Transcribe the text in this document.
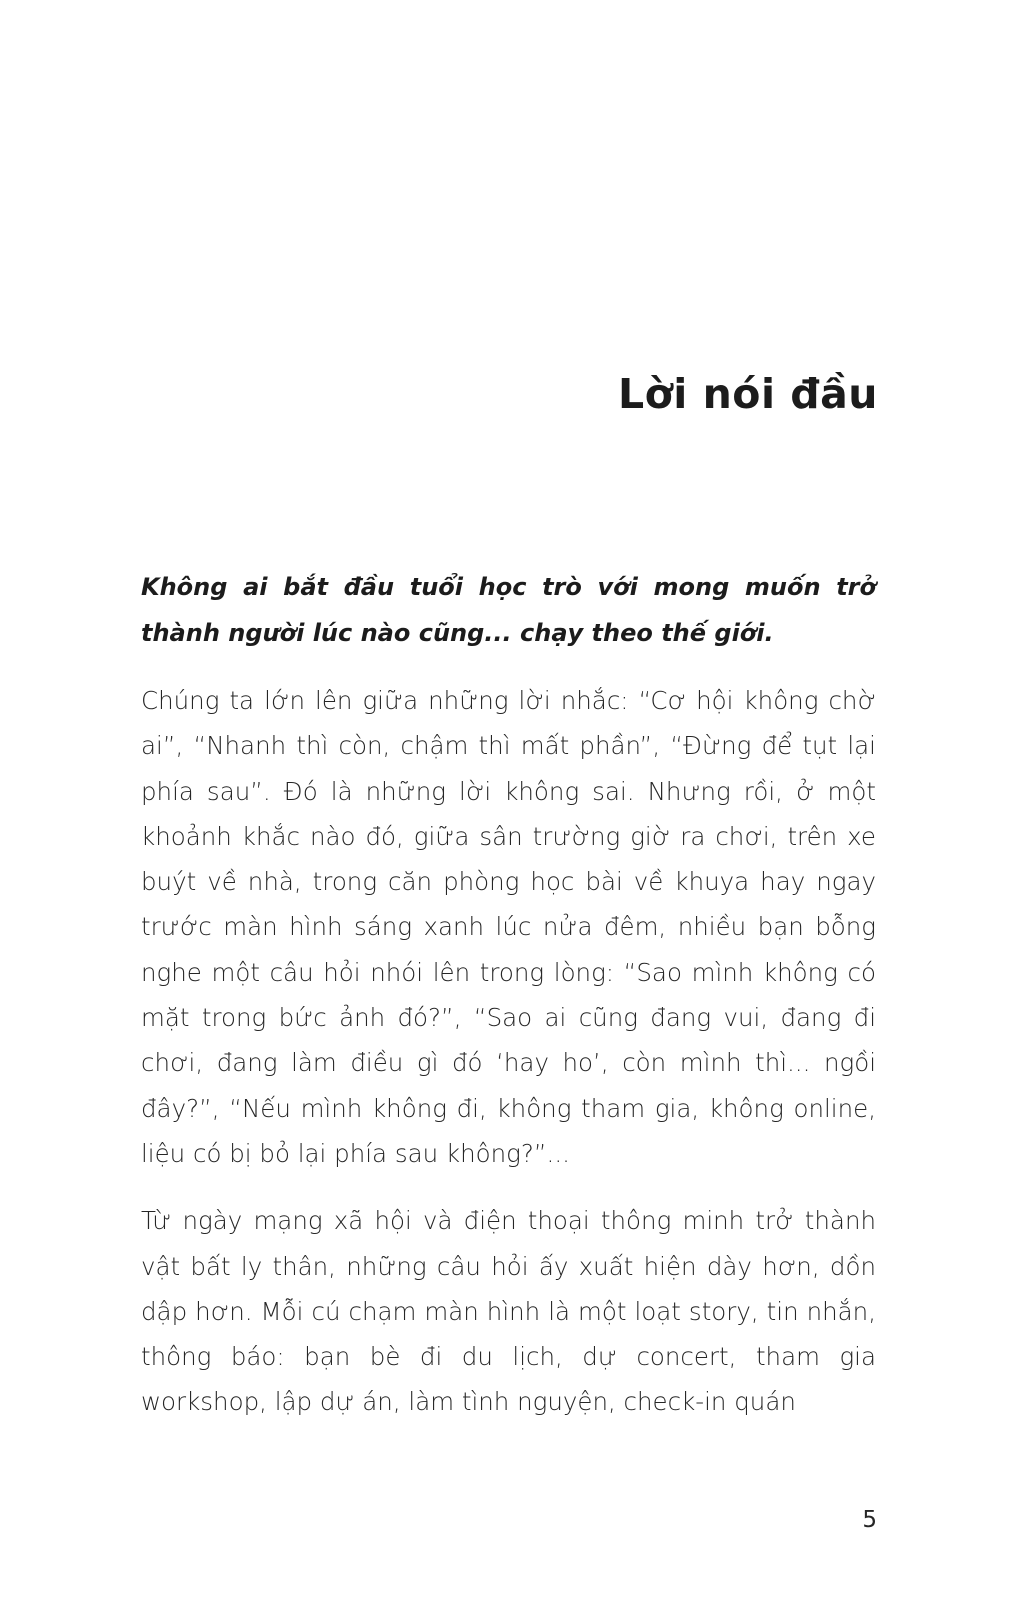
Lời nói đầu

Không ai bắt đầu tuổi học trò với mong muốn trở thành người lúc nào cũng... chạy theo thế giới.

Chúng ta lớn lên giữa những lời nhắc: “Cơ hội không chờ ai”, “Nhanh thì còn, chậm thì mất phần”, “Đừng để tụt lại phía sau”. Đó là những lời không sai. Nhưng rồi, ở một khoảnh khắc nào đó, giữa sân trường giờ ra chơi, trên xe buýt về nhà, trong căn phòng học bài về khuya hay ngay trước màn hình sáng xanh lúc nửa đêm, nhiều bạn bỗng nghe một câu hỏi nhói lên trong lòng: “Sao mình không có mặt trong bức ảnh đó?”, “Sao ai cũng đang vui, đang đi chơi, đang làm điều gì đó ‘hay ho’, còn mình thì... ngồi đây?”, “Nếu mình không đi, không tham gia, không online, liệu có bị bỏ lại phía sau không?”...

Từ ngày mạng xã hội và điện thoại thông minh trở thành vật bất ly thân, những câu hỏi ấy xuất hiện dày hơn, dồn dập hơn. Mỗi cú chạm màn hình là một loạt story, tin nhắn, thông báo: bạn bè đi du lịch, dự concert, tham gia workshop, lập dự án, làm tình nguyện, check-in quán

5
